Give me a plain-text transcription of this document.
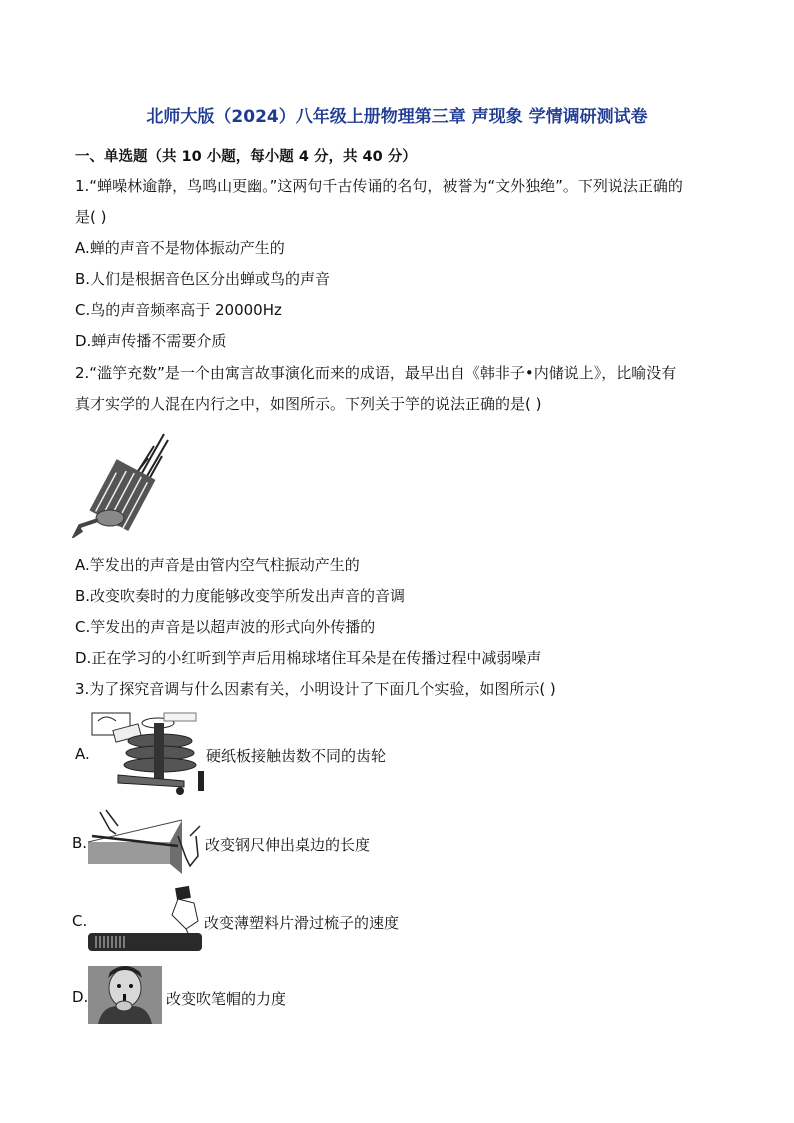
北师大版（2024）八年级上册物理第三章 声现象 学情调研测试卷
一、单选题（共 10 小题，每小题 4 分，共 40 分）
1.“蝉噪林逾静，鸟鸣山更幽。”这两句千古传诵的名句，被誉为“文外独绝”。下列说法正确的
是( )
A.蝉的声音不是物体振动产生的
B.人们是根据音色区分出蝉或鸟的声音
C.鸟的声音频率高于 20000Hz
D.蝉声传播不需要介质
2.“滥竽充数”是一个由寓言故事演化而来的成语，最早出自《韩非子•内储说上》，比喻没有
真才实学的人混在内行之中，如图所示。下列关于竽的说法正确的是( )
A.竽发出的声音是由管内空气柱振动产生的
B.改变吹奏时的力度能够改变竽所发出声音的音调
C.竽发出的声音是以超声波的形式向外传播的
D.正在学习的小红听到竽声后用棉球堵住耳朵是在传播过程中减弱噪声
3.为了探究音调与什么因素有关，小明设计了下面几个实验，如图所示( )
A.	硬纸板接触齿数不同的齿轮
B.	改变钢尺伸出桌边的长度
C.	改变薄塑料片滑过梳子的速度
D.	改变吹笔帽的力度
